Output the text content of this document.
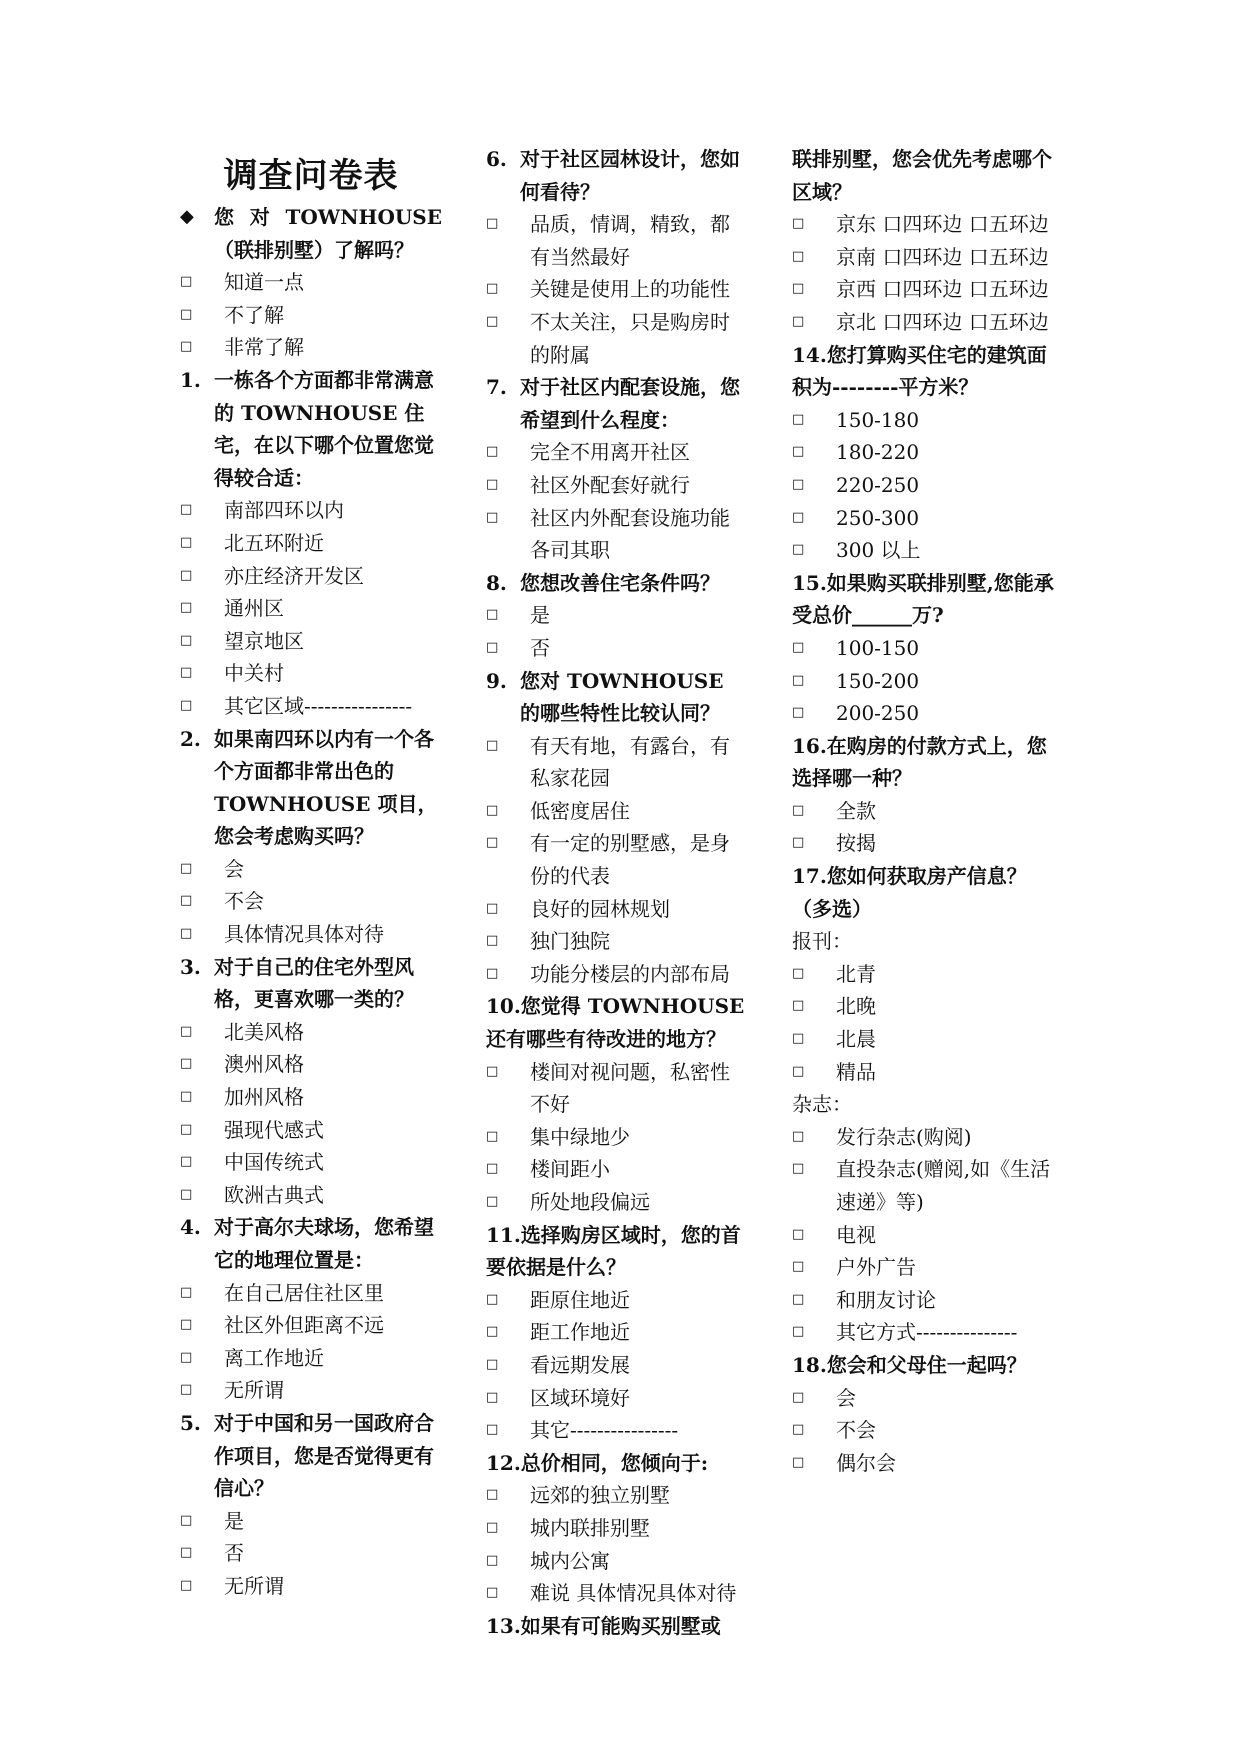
调查问卷表
◆	您 对 TOWNHOUSE （联排别墅）了解吗？
□	知道一点
□	不了解
□	非常了解
1. 一栋各个方面都非常满意的 TOWNHOUSE 住宅，在以下哪个位置您觉得较合适：
□	南部四环以内
□	北五环附近
□	亦庄经济开发区
□	通州区
□	望京地区
□	中关村
□	其它区域----------------
2. 如果南四环以内有一个各个方面都非常出色的 TOWNHOUSE 项目，您会考虑购买吗？
□	会
□	不会
□	具体情况具体对待
3. 对于自己的住宅外型风格，更喜欢哪一类的？
□	北美风格
□	澳州风格
□	加州风格
□	强现代感式
□	中国传统式
□	欧洲古典式
4. 对于高尔夫球场，您希望它的地理位置是：
□	在自己居住社区里
□	社区外但距离不远
□	离工作地近
□	无所谓
5. 对于中国和另一国政府合作项目，您是否觉得更有信心？
□	是
□	否
□	无所谓
6. 对于社区园林设计，您如何看待？
□	品质，情调，精致，都有当然最好
□	关键是使用上的功能性
□	不太关注，只是购房时的附属
7. 对于社区内配套设施，您希望到什么程度：
□	完全不用离开社区
□	社区外配套好就行
□	社区内外配套设施功能各司其职
8. 您想改善住宅条件吗？
□	是
□	否
9. 您对 TOWNHOUSE 的哪些特性比较认同？
□	有天有地，有露台，有私家花园
□	低密度居住
□	有一定的别墅感，是身份的代表
□	良好的园林规划
□	独门独院
□	功能分楼层的内部布局
10.您觉得 TOWNHOUSE 还有哪些有待改进的地方？
□	楼间对视问题，私密性不好
□	集中绿地少
□	楼间距小
□	所处地段偏远
11.选择购房区域时，您的首要依据是什么？
□	距原住地近
□	距工作地近
□	看远期发展
□	区域环境好
□	其它----------------
12.总价相同，您倾向于:
□	远郊的独立别墅
□	城内联排别墅
□	城内公寓
□	难说 具体情况具体对待
13.如果有可能购买别墅或
联排别墅，您会优先考虑哪个区域？
□	京东 口四环边 口五环边
□	京南 口四环边 口五环边
□	京西 口四环边 口五环边
□	京北 口四环边 口五环边
14.您打算购买住宅的建筑面积为--------平方米？
□	150-180
□	180-220
□	220-250
□	250-300
□	300 以上
15.如果购买联排别墅,您能承受总价______万?
□	100-150
□	150-200
□	200-250
16.在购房的付款方式上，您选择哪一种？
□	全款
□	按揭
17.您如何获取房产信息？（多选）
报刊：
□	北青
□	北晚
□	北晨
□	精品
杂志：
□	发行杂志(购阅)
□	直投杂志(赠阅,如《生活速递》等)
□	电视
□	户外广告
□	和朋友讨论
□	其它方式---------------
18.您会和父母住一起吗？
□	会
□	不会
□	偶尔会
